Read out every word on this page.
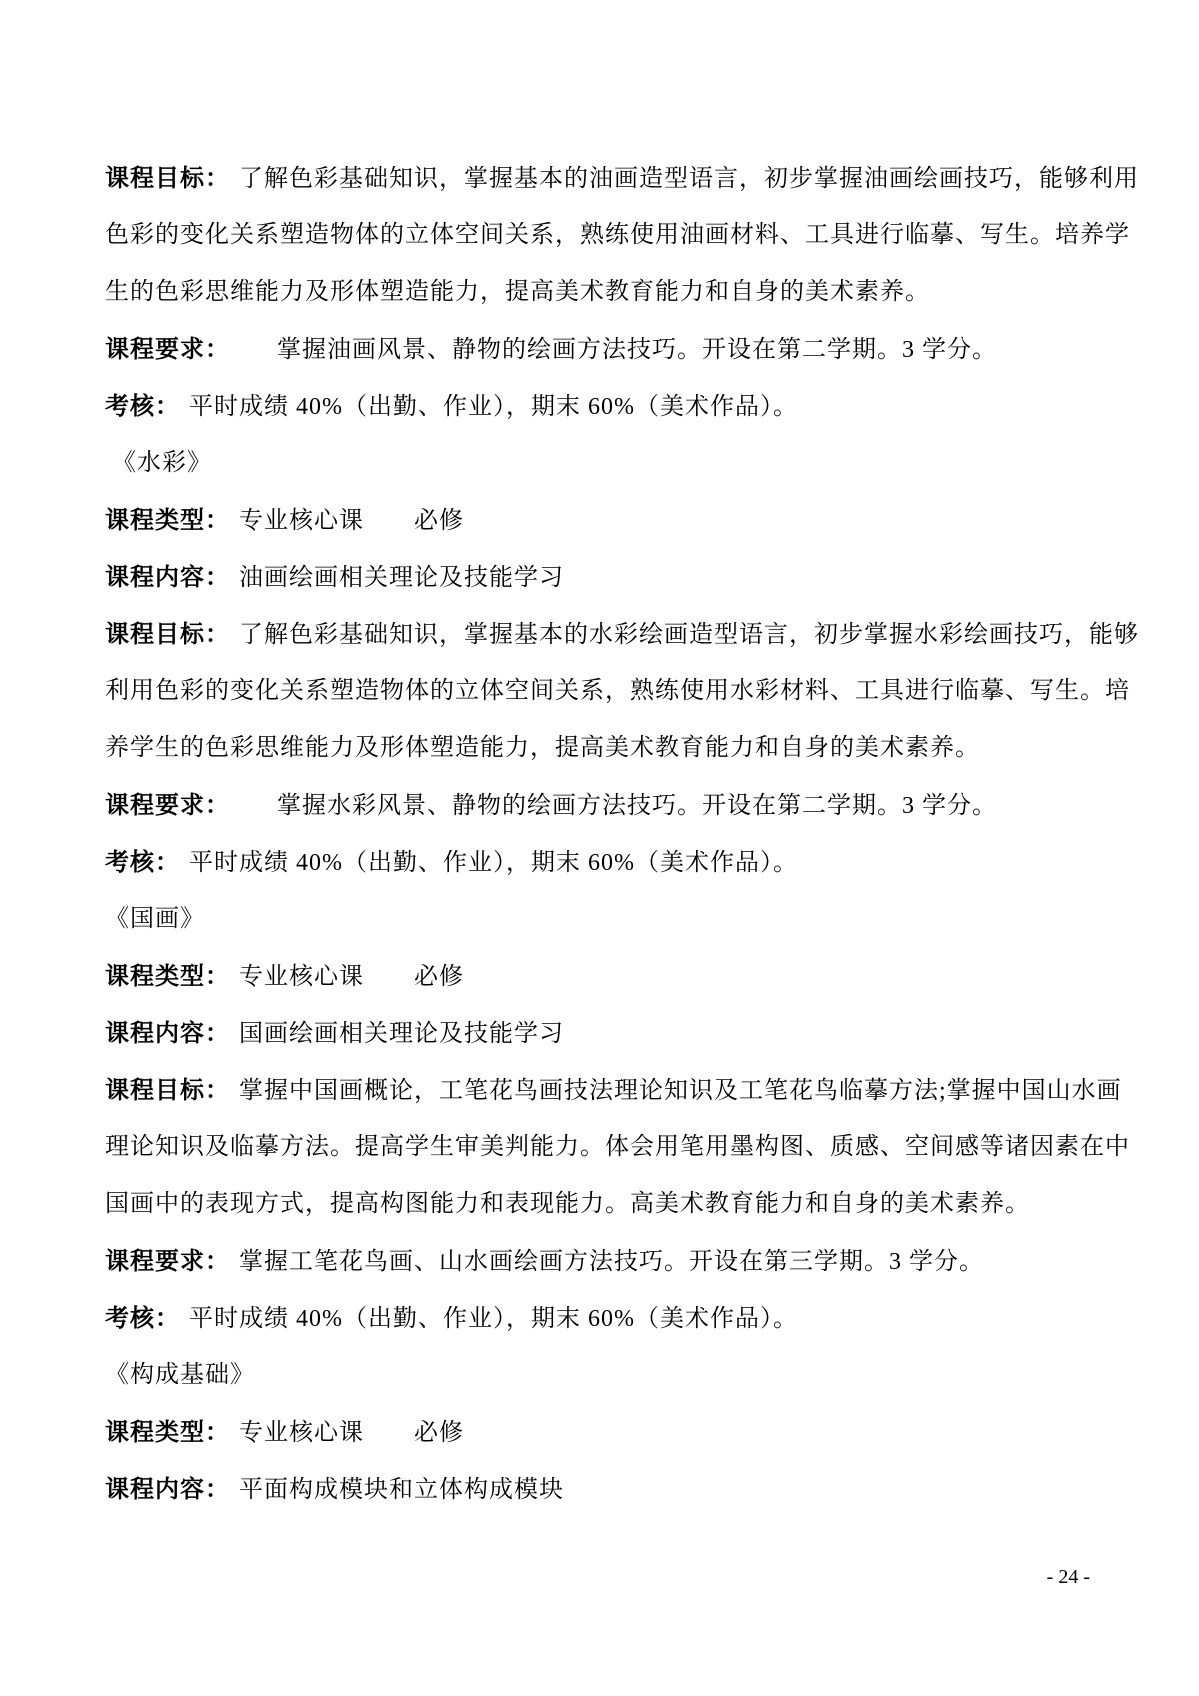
课程目标： 了解色彩基础知识，掌握基本的油画造型语言，初步掌握油画绘画技巧，能够利用
色彩的变化关系塑造物体的立体空间关系，熟练使用油画材料、工具进行临摹、写生。培养学
生的色彩思维能力及形体塑造能力，提高美术教育能力和自身的美术素养。
课程要求：　　掌握油画风景、静物的绘画方法技巧。开设在第二学期。3 学分。
考核： 平时成绩 40%（出勤、作业），期末 60%（美术作品）。
《水彩》
课程类型： 专业核心课　　必修
课程内容： 油画绘画相关理论及技能学习
课程目标： 了解色彩基础知识，掌握基本的水彩绘画造型语言，初步掌握水彩绘画技巧，能够
利用色彩的变化关系塑造物体的立体空间关系，熟练使用水彩材料、工具进行临摹、写生。培
养学生的色彩思维能力及形体塑造能力，提高美术教育能力和自身的美术素养。
课程要求：　　掌握水彩风景、静物的绘画方法技巧。开设在第二学期。3 学分。
考核： 平时成绩 40%（出勤、作业），期末 60%（美术作品）。
《国画》
课程类型： 专业核心课　　必修
课程内容： 国画绘画相关理论及技能学习
课程目标： 掌握中国画概论，工笔花鸟画技法理论知识及工笔花鸟临摹方法;掌握中国山水画
理论知识及临摹方法。提高学生审美判能力。体会用笔用墨构图、质感、空间感等诸因素在中
国画中的表现方式，提高构图能力和表现能力。高美术教育能力和自身的美术素养。
课程要求： 掌握工笔花鸟画、山水画绘画方法技巧。开设在第三学期。3 学分。
考核： 平时成绩 40%（出勤、作业），期末 60%（美术作品）。
《构成基础》
课程类型： 专业核心课　　必修
课程内容： 平面构成模块和立体构成模块
- 24 -
